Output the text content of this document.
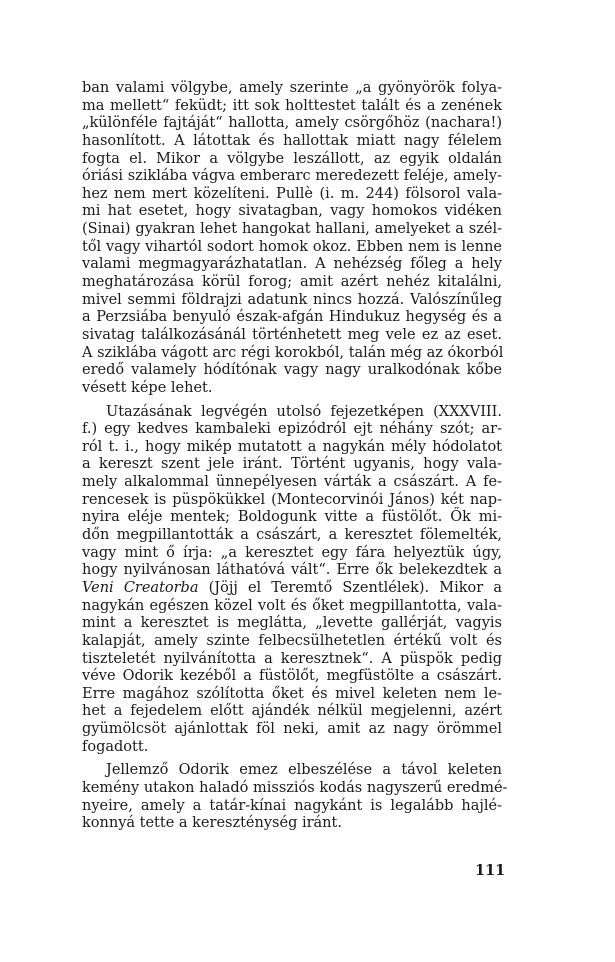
ban valami völgybe, amely szerinte „a gyönyörök folya-
ma mellett“ feküdt; itt sok holttestet talált és a zenének
„különféle fajtáját“ hallotta, amely csörgőhöz (nachara!)
hasonlított. A látottak és hallottak miatt nagy félelem
fogta el. Mikor a völgybe leszállott, az egyik oldalán
óriási sziklába vágva emberarc meredezett feléje, amely-
hez nem mert közelíteni. Pullè (i. m. 244) fölsorol vala-
mi hat esetet, hogy sivatagban, vagy homokos vidéken
(Sinai) gyakran lehet hangokat hallani, amelyeket a szél-
től vagy vihartól sodort homok okoz. Ebben nem is lenne
valami megmagyarázhatatlan. A nehézség főleg a hely
meghatározása körül forog; amit azért nehéz kitalálni,
mivel semmi földrajzi adatunk nincs hozzá. Valószínűleg
a Perzsiába benyuló észak-afgán Hindukuz hegység és a
sivatag találkozásánál történhetett meg vele ez az eset.
A sziklába vágott arc régi korokból, talán még az ókorból
eredő valamely hódítónak vagy nagy uralkodónak kőbe
vésett képe lehet.
Utazásának legvégén utolsó fejezetképen (XXXVIII.
f.) egy kedves kambaleki epizódról ejt néhány szót; ar-
ról t. i., hogy mikép mutatott a nagykán mély hódolatot
a kereszt szent jele iránt. Történt ugyanis, hogy vala-
mely alkalommal ünnepélyesen várták a császárt. A fe-
rencesek is püspökükkel (Montecorvinói János) két nap-
nyira eléje mentek; Boldogunk vitte a füstölőt. Ők mi-
dőn megpillantották a császárt, a keresztet fölemelték,
vagy mint ő írja: „a keresztet egy fára helyeztük úgy,
hogy nyilvánosan láthatóvá vált“. Erre ők belekezdtek a
Veni Creatorba (Jöjj el Teremtő Szentlélek). Mikor a
nagykán egészen közel volt és őket megpillantotta, vala-
mint a keresztet is meglátta, „levette gallérját, vagyis
kalapját, amely szinte felbecsülhetetlen értékű volt és
tiszteletét nyilvánította a keresztnek“. A püspök pedig
véve Odorik kezéből a füstölőt, megfüstölte a császárt.
Erre magához szólította őket és mivel keleten nem le-
het a fejedelem előtt ajándék nélkül megjelenni, azért
gyümölcsöt ajánlottak föl neki, amit az nagy örömmel
fogadott.
Jellemző Odorik emez elbeszélése a távol keleten
kemény utakon haladó missziós kodás nagyszerű eredmé-
nyeire, amely a tatár-kínai nagykánt is legalább hajlé-
konnyá tette a kereszténység iránt.
111
